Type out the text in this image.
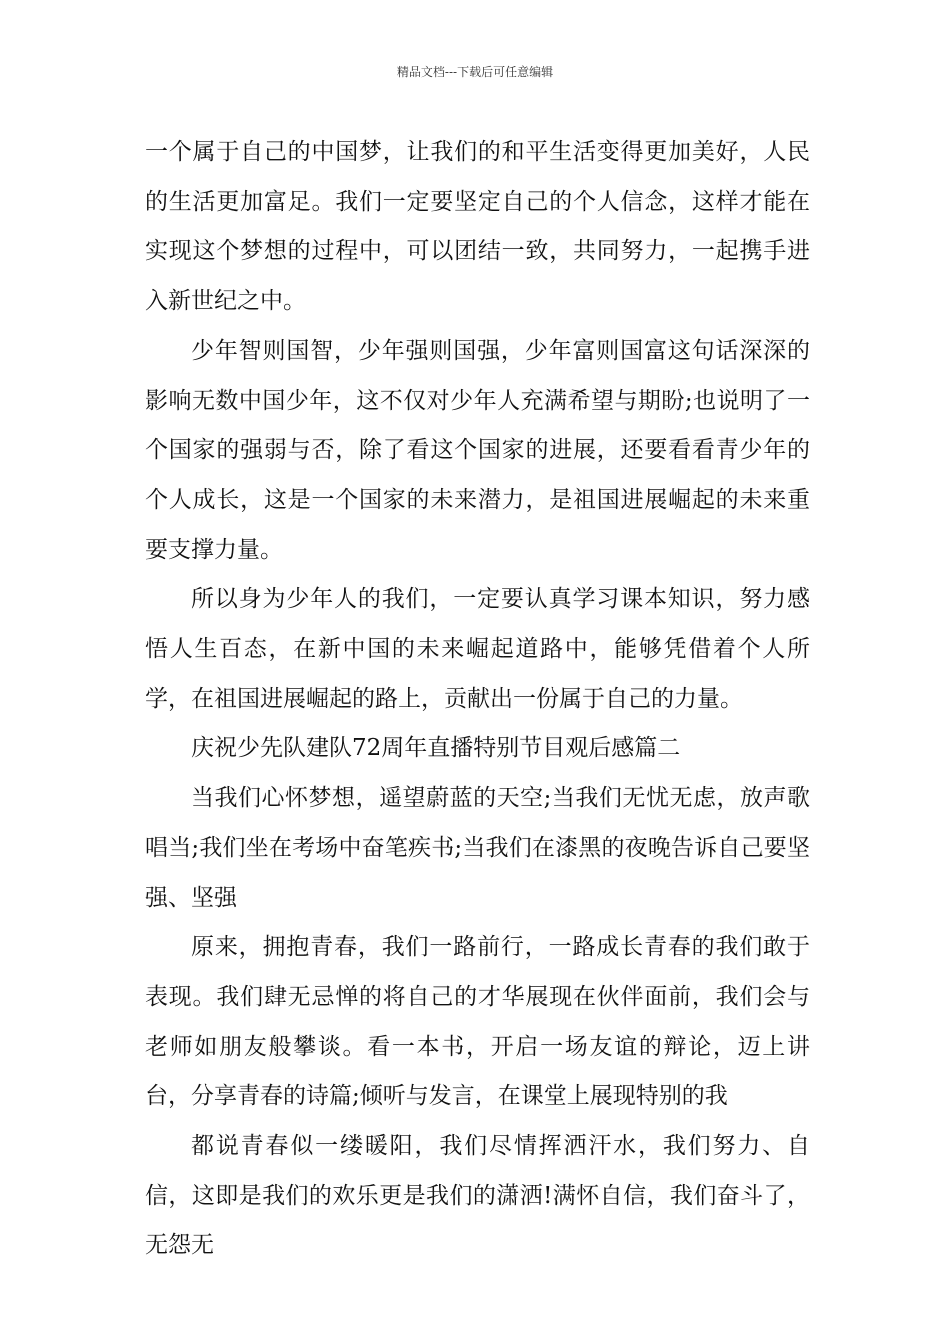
精品文档---下载后可任意编辑

一个属于自己的中国梦，让我们的和平生活变得更加美好，人民的生活更加富足。我们一定要坚定自己的个人信念，这样才能在实现这个梦想的过程中，可以团结一致，共同努力，一起携手进入新世纪之中。

少年智则国智，少年强则国强，少年富则国富这句话深深的影响无数中国少年，这不仅对少年人充满希望与期盼;也说明了一个国家的强弱与否，除了看这个国家的进展，还要看看青少年的个人成长，这是一个国家的未来潜力，是祖国进展崛起的未来重要支撑力量。

所以身为少年人的我们，一定要认真学习课本知识，努力感悟人生百态，在新中国的未来崛起道路中，能够凭借着个人所学，在祖国进展崛起的路上，贡献出一份属于自己的力量。

庆祝少先队建队72周年直播特别节目观后感篇二

当我们心怀梦想，遥望蔚蓝的天空;当我们无忧无虑，放声歌唱当;我们坐在考场中奋笔疾书;当我们在漆黑的夜晚告诉自己要坚强、坚强

原来，拥抱青春，我们一路前行，一路成长青春的我们敢于表现。我们肆无忌惮的将自己的才华展现在伙伴面前，我们会与老师如朋友般攀谈。看一本书，开启一场友谊的辩论，迈上讲台，分享青春的诗篇;倾听与发言，在课堂上展现特别的我

都说青春似一缕暖阳，我们尽情挥洒汗水，我们努力、自信，这即是我们的欢乐更是我们的潇洒!满怀自信，我们奋斗了，无怨无
